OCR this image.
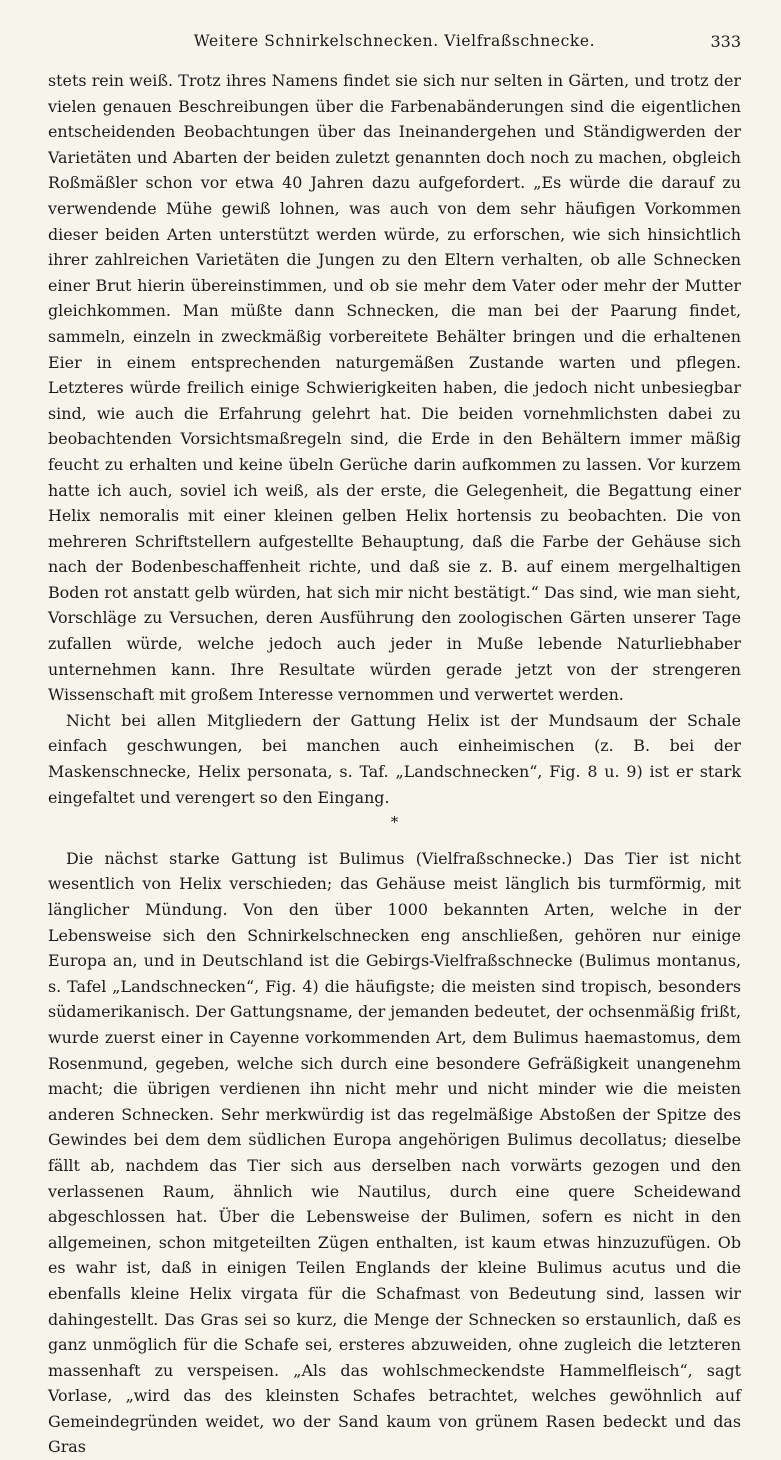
Weitere Schnirkelschnecken. Vielfraßschnecke.	333

stets rein weiß. Trotz ihres Namens findet sie sich nur selten in Gärten, und trotz der vielen genauen Beschreibungen über die Farbenabänderungen sind die eigentlichen entscheidenden Beobachtungen über das Ineinandergehen und Ständigwerden der Varietäten und Abarten der beiden zuletzt genannten doch noch zu machen, obgleich Roßmäßler schon vor etwa 40 Jahren dazu aufgefordert. „Es würde die darauf zu verwendende Mühe gewiß lohnen, was auch von dem sehr häufigen Vorkommen dieser beiden Arten unterstützt werden würde, zu erforschen, wie sich hinsichtlich ihrer zahlreichen Varietäten die Jungen zu den Eltern verhalten, ob alle Schnecken einer Brut hierin übereinstimmen, und ob sie mehr dem Vater oder mehr der Mutter gleichkommen. Man müßte dann Schnecken, die man bei der Paarung findet, sammeln, einzeln in zweckmäßig vorbereitete Behälter bringen und die erhaltenen Eier in einem entsprechenden naturgemäßen Zustande warten und pflegen. Letzteres würde freilich einige Schwierigkeiten haben, die jedoch nicht unbesiegbar sind, wie auch die Erfahrung gelehrt hat. Die beiden vornehmlichsten dabei zu beobachtenden Vorsichtsmaßregeln sind, die Erde in den Behältern immer mäßig feucht zu erhalten und keine übeln Gerüche darin aufkommen zu lassen. Vor kurzem hatte ich auch, soviel ich weiß, als der erste, die Gelegenheit, die Begattung einer Helix nemoralis mit einer kleinen gelben Helix hortensis zu beobachten. Die von mehreren Schriftstellern aufgestellte Behauptung, daß die Farbe der Gehäuse sich nach der Bodenbeschaffenheit richte, und daß sie z. B. auf einem mergelhaltigen Boden rot anstatt gelb würden, hat sich mir nicht bestätigt.“ Das sind, wie man sieht, Vorschläge zu Versuchen, deren Ausführung den zoologischen Gärten unserer Tage zufallen würde, welche jedoch auch jeder in Muße lebende Naturliebhaber unternehmen kann. Ihre Resultate würden gerade jetzt von der strengeren Wissenschaft mit großem Interesse vernommen und verwertet werden.

Nicht bei allen Mitgliedern der Gattung Helix ist der Mundsaum der Schale einfach geschwungen, bei manchen auch einheimischen (z. B. bei der Maskenschnecke, Helix personata, s. Taf. „Landschnecken“, Fig. 8 u. 9) ist er stark eingefaltet und verengert so den Eingang.

*

Die nächst starke Gattung ist Bulimus (Vielfraßschnecke.) Das Tier ist nicht wesentlich von Helix verschieden; das Gehäuse meist länglich bis turmförmig, mit länglicher Mündung. Von den über 1000 bekannten Arten, welche in der Lebensweise sich den Schnirkelschnecken eng anschließen, gehören nur einige Europa an, und in Deutschland ist die Gebirgs-Vielfraßschnecke (Bulimus montanus, s. Tafel „Landschnecken“, Fig. 4) die häufigste; die meisten sind tropisch, besonders südamerikanisch. Der Gattungsname, der jemanden bedeutet, der ochsenmäßig frißt, wurde zuerst einer in Cayenne vorkommenden Art, dem Bulimus haemastomus, dem Rosenmund, gegeben, welche sich durch eine besondere Gefräßigkeit unangenehm macht; die übrigen verdienen ihn nicht mehr und nicht minder wie die meisten anderen Schnecken. Sehr merkwürdig ist das regelmäßige Abstoßen der Spitze des Gewindes bei dem dem südlichen Europa angehörigen Bulimus decollatus; dieselbe fällt ab, nachdem das Tier sich aus derselben nach vorwärts gezogen und den verlassenen Raum, ähnlich wie Nautilus, durch eine quere Scheidewand abgeschlossen hat. Über die Lebensweise der Bulimen, sofern es nicht in den allgemeinen, schon mitgeteilten Zügen enthalten, ist kaum etwas hinzuzufügen. Ob es wahr ist, daß in einigen Teilen Englands der kleine Bulimus acutus und die ebenfalls kleine Helix virgata für die Schafmast von Bedeutung sind, lassen wir dahingestellt. Das Gras sei so kurz, die Menge der Schnecken so erstaunlich, daß es ganz unmöglich für die Schafe sei, ersteres abzuweiden, ohne zugleich die letzteren massenhaft zu verspeisen. „Als das wohlschmeckendste Hammelfleisch“, sagt Vorlase, „wird das des kleinsten Schafes betrachtet, welches gewöhnlich auf Gemeindegründen weidet, wo der Sand kaum von grünem Rasen bedeckt und das Gras
